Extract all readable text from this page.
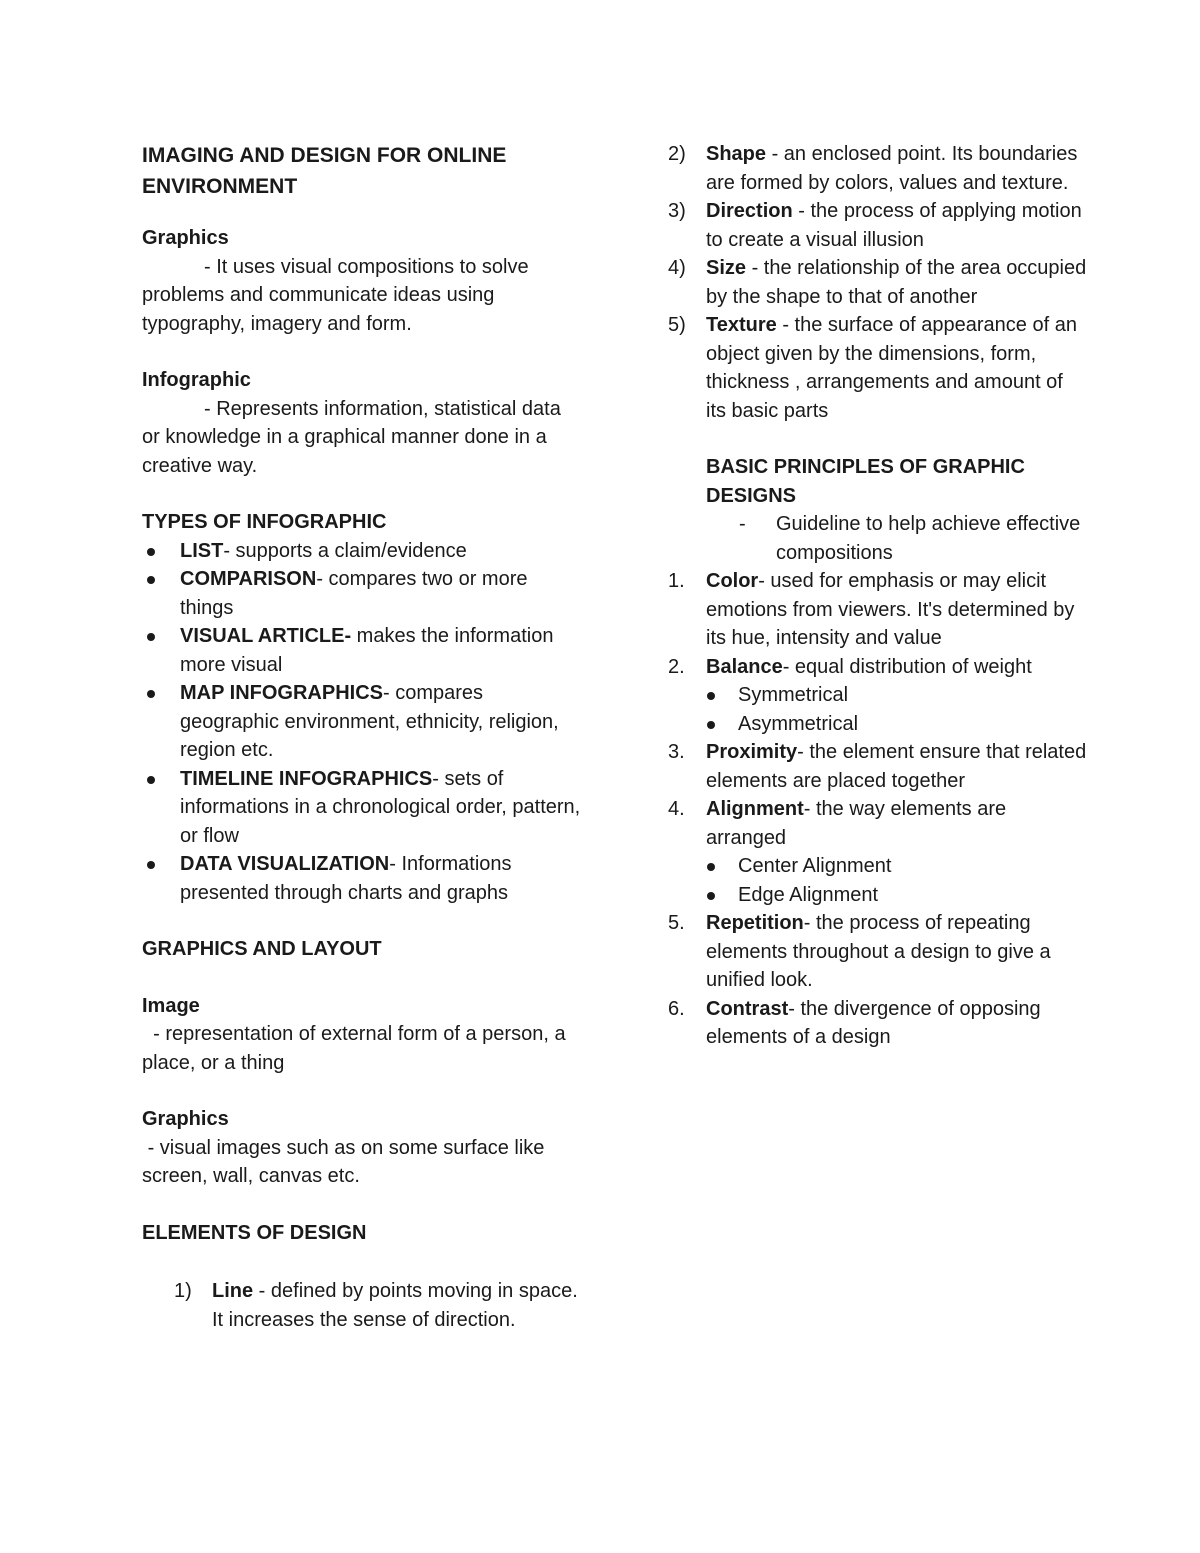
IMAGING AND DESIGN FOR ONLINE ENVIRONMENT

Graphics

- It uses visual compositions to solve problems and communicate ideas using typography, imagery and form.

Infographic

- Represents information, statistical data or knowledge in a graphical manner done in a creative way.

TYPES OF INFOGRAPHIC

LIST- supports a claim/evidence
COMPARISON- compares two or more things
VISUAL ARTICLE- makes the information more visual
MAP INFOGRAPHICS- compares geographic environment, ethnicity, religion, region etc.
TIMELINE INFOGRAPHICS- sets of informations in a chronological order, pattern, or flow
DATA VISUALIZATION- Informations presented through charts and graphs

GRAPHICS AND LAYOUT

Image

- representation of external form of a person, a place, or a thing

Graphics

- visual images such as on some surface like screen, wall, canvas etc.

ELEMENTS OF DESIGN

1) Line - defined by points moving in space. It increases the sense of direction.
2) Shape - an enclosed point. Its boundaries are formed by colors, values and texture.
3) Direction - the process of applying motion to create a visual illusion
4) Size - the relationship of the area occupied by the shape to that of another
5) Texture - the surface of appearance of an object given by the dimensions, form, thickness , arrangements and amount of its basic parts

BASIC PRINCIPLES OF GRAPHIC DESIGNS

- Guideline to help achieve effective compositions
1. Color- used for emphasis or may elicit emotions from viewers. It's determined by its hue, intensity and value
2. Balance- equal distribution of weight
Symmetrical
Asymmetrical
3. Proximity- the element ensure that related elements are placed together
4. Alignment- the way elements are arranged
Center Alignment
Edge Alignment
5. Repetition- the process of repeating elements throughout a design to give a unified look.
6. Contrast- the divergence of opposing elements of a design
